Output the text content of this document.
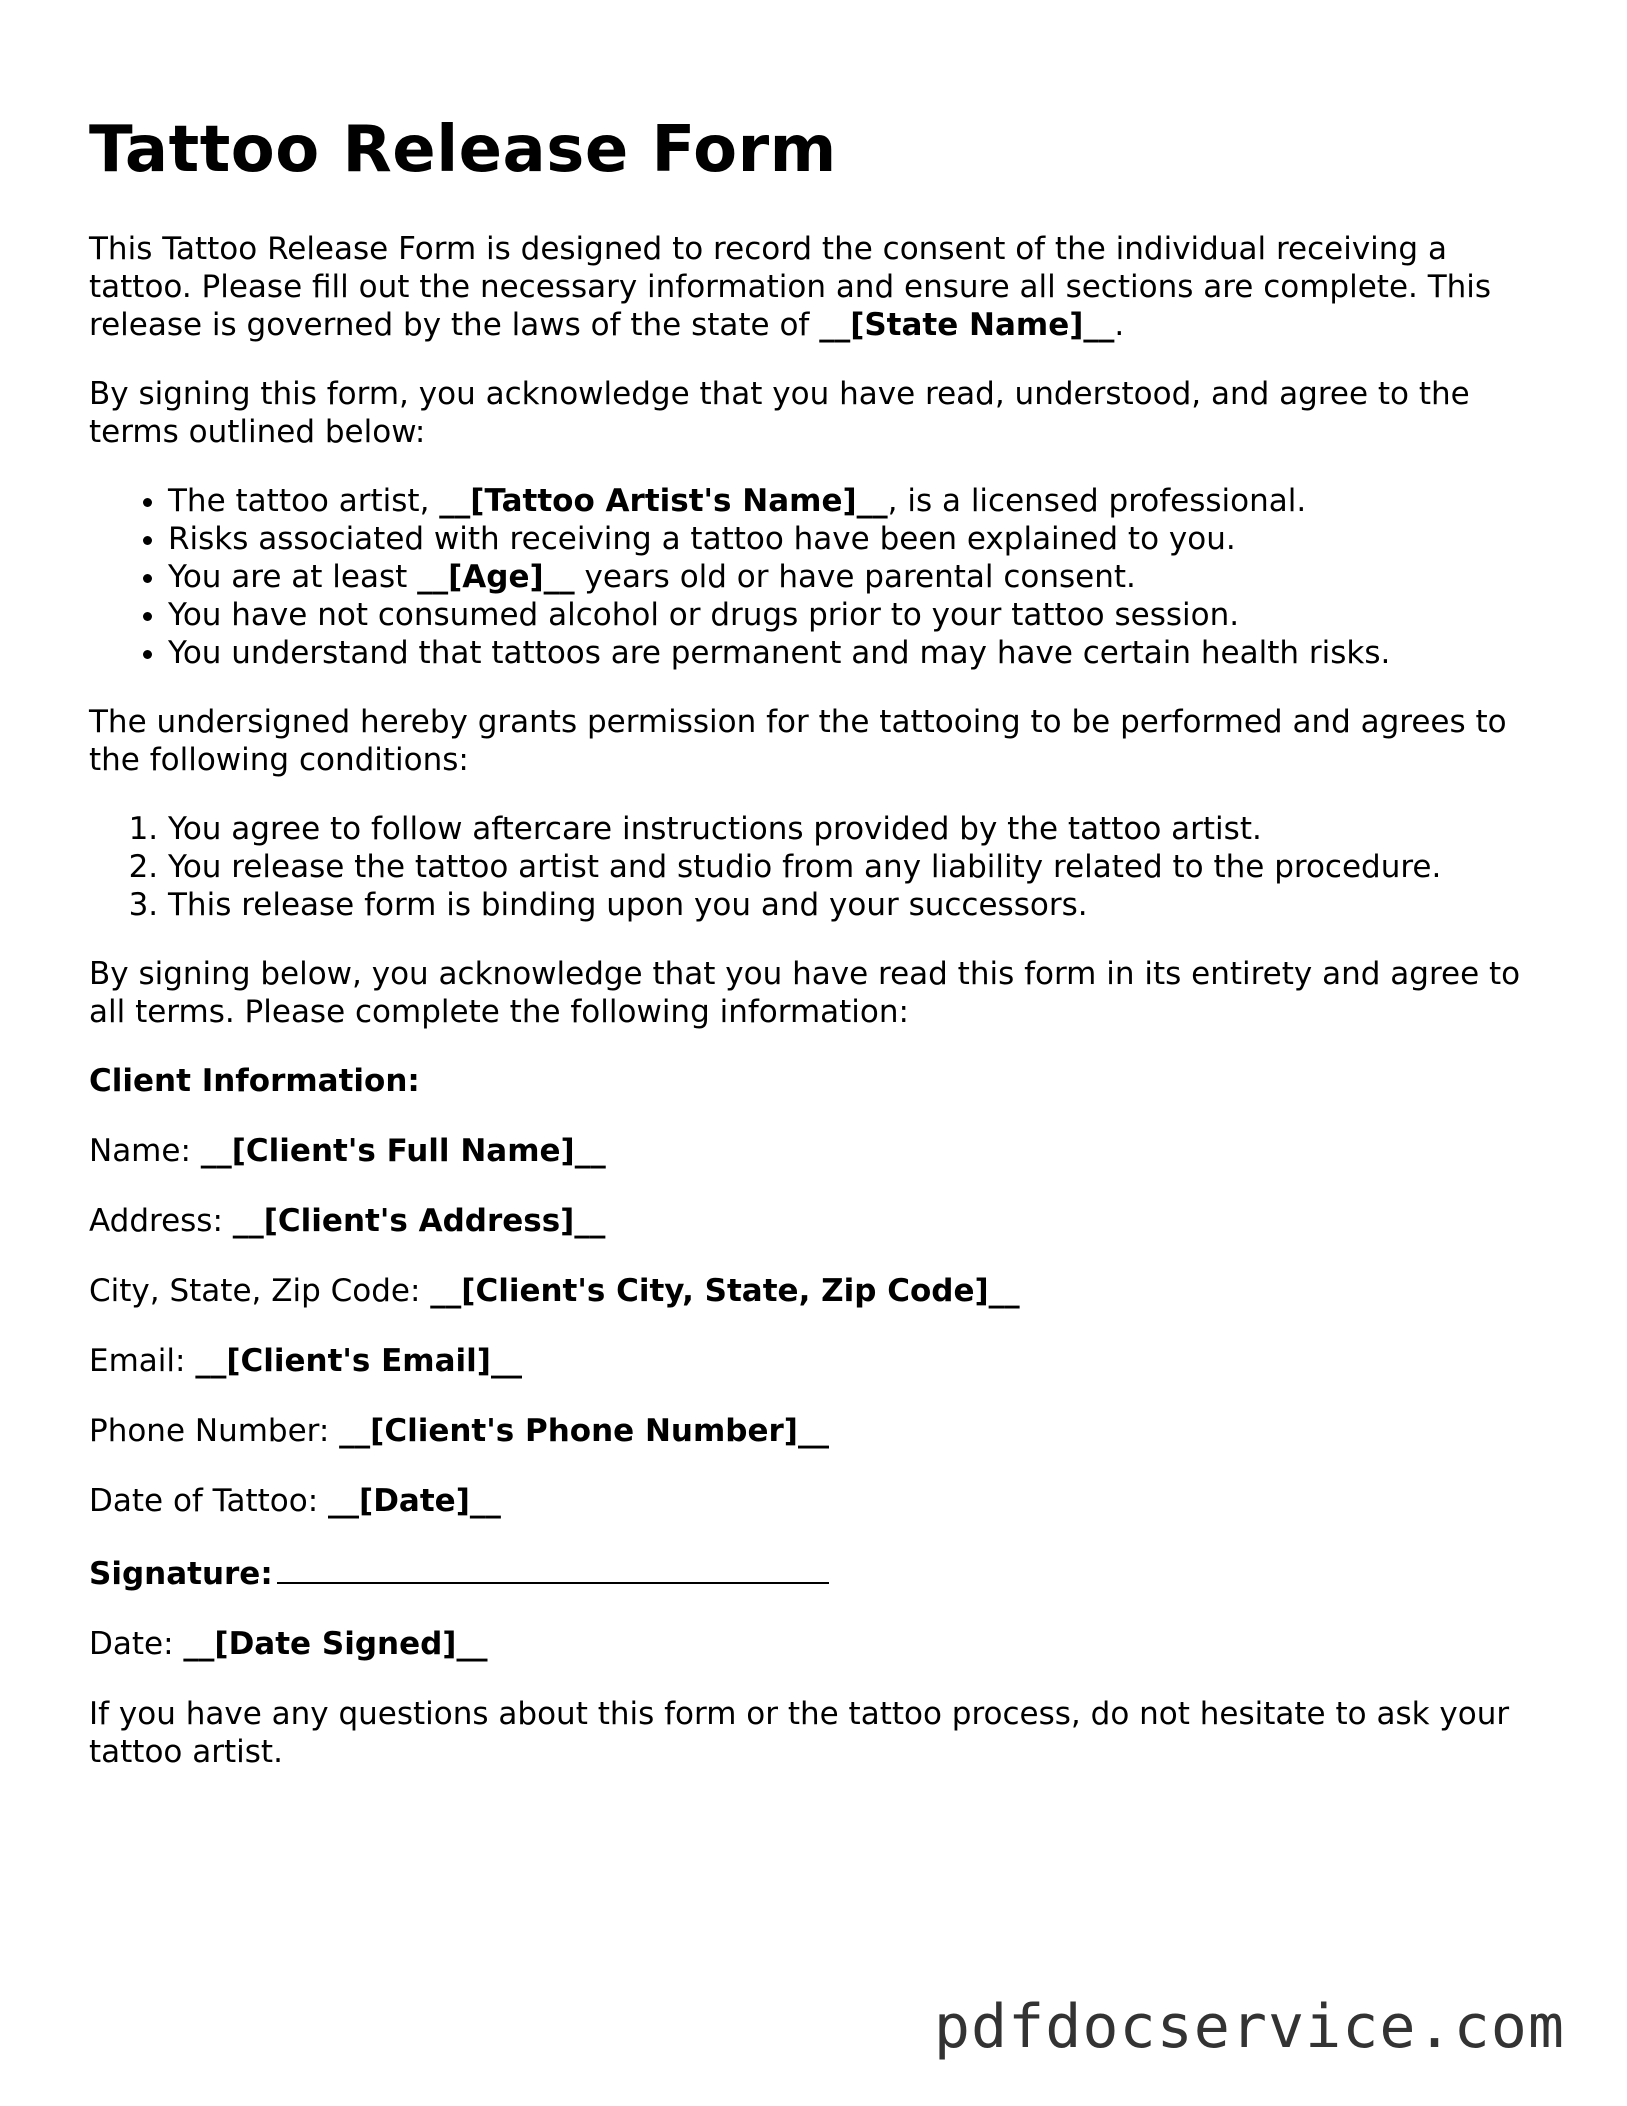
Tattoo Release Form

This Tattoo Release Form is designed to record the consent of the individual receiving a tattoo. Please fill out the necessary information and ensure all sections are complete. This release is governed by the laws of the state of __[State Name]__.

By signing this form, you acknowledge that you have read, understood, and agree to the terms outlined below:

• The tattoo artist, __[Tattoo Artist's Name]__, is a licensed professional.
• Risks associated with receiving a tattoo have been explained to you.
• You are at least __[Age]__ years old or have parental consent.
• You have not consumed alcohol or drugs prior to your tattoo session.
• You understand that tattoos are permanent and may have certain health risks.

The undersigned hereby grants permission for the tattooing to be performed and agrees to the following conditions:

1. You agree to follow aftercare instructions provided by the tattoo artist.
2. You release the tattoo artist and studio from any liability related to the procedure.
3. This release form is binding upon you and your successors.

By signing below, you acknowledge that you have read this form in its entirety and agree to all terms. Please complete the following information:

Client Information:
Name: __[Client's Full Name]__
Address: __[Client's Address]__
City, State, Zip Code: __[Client's City, State, Zip Code]__
Email: __[Client's Email]__
Phone Number: __[Client's Phone Number]__
Date of Tattoo: __[Date]__
Signature:
Date: __[Date Signed]__

If you have any questions about this form or the tattoo process, do not hesitate to ask your tattoo artist.

pdfdocservice.com
